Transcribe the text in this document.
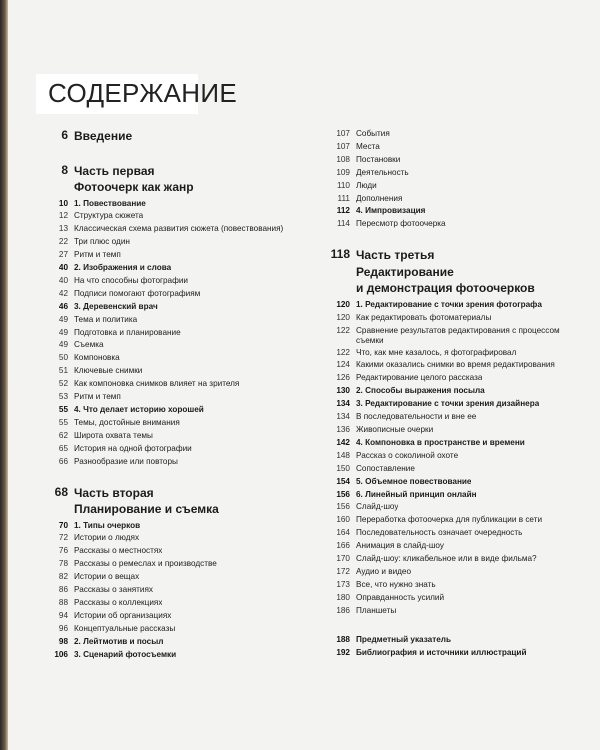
СОДЕРЖАНИЕ
6 Введение
8 Часть первая
Фотоочерк как жанр
10 1. Повествование
12 Структура сюжета
13 Классическая схема развития сюжета (повествования)
22 Три плюс один
27 Ритм и темп
40 2. Изображения и слова
40 На что способны фотографии
42 Подписи помогают фотографиям
46 3. Деревенский врач
49 Тема и политика
49 Подготовка и планирование
49 Съемка
50 Компоновка
51 Ключевые снимки
52 Как компоновка снимков влияет на зрителя
53 Ритм и темп
55 4. Что делает историю хорошей
55 Темы, достойные внимания
62 Широта охвата темы
65 История на одной фотографии
66 Разнообразие или повторы
68 Часть вторая
Планирование и съемка
70 1. Типы очерков
72 Истории о людях
76 Рассказы о местностях
78 Рассказы о ремеслах и производстве
82 Истории о вещах
86 Рассказы о занятиях
88 Рассказы о коллекциях
94 Истории об организациях
96 Концептуальные рассказы
98 2. Лейтмотив и посыл
106 3. Сценарий фотосъемки
107 События
107 Места
108 Постановки
109 Деятельность
110 Люди
111 Дополнения
112 4. Импровизация
114 Пересмотр фотоочерка
118 Часть третья
Редактирование
и демонстрация фотоочерков
120 1. Редактирование с точки зрения фотографа
120 Как редактировать фотоматериалы
122 Сравнение результатов редактирования с процессом съемки
122 Что, как мне казалось, я фотографировал
124 Какими оказались снимки во время редактирования
126 Редактирование целого рассказа
130 2. Способы выражения посыла
134 3. Редактирование с точки зрения дизайнера
134 В последовательности и вне ее
136 Живописные очерки
142 4. Компоновка в пространстве и времени
148 Рассказ о соколиной охоте
150 Сопоставление
154 5. Объемное повествование
156 6. Линейный принцип онлайн
156 Слайд-шоу
160 Переработка фотоочерка для публикации в сети
164 Последовательность означает очередность
166 Анимация в слайд-шоу
170 Слайд-шоу: кликабельное или в виде фильма?
172 Аудио и видео
173 Все, что нужно знать
180 Оправданность усилий
186 Планшеты
188 Предметный указатель
192 Библиография и источники иллюстраций
